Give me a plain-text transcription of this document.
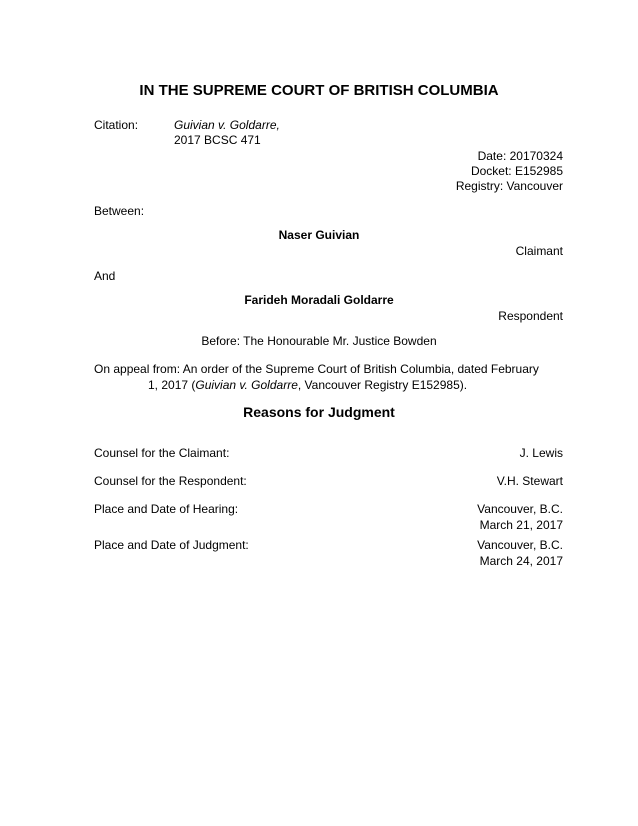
IN THE SUPREME COURT OF BRITISH COLUMBIA
Citation:	Guivian v. Goldarre,
2017 BCSC 471
Date: 20170324
Docket: E152985
Registry: Vancouver
Between:
Naser Guivian
Claimant
And
Farideh Moradali Goldarre
Respondent
Before: The Honourable Mr. Justice Bowden
On appeal from: An order of the Supreme Court of British Columbia, dated February
1, 2017 (Guivian v. Goldarre, Vancouver Registry E152985).
Reasons for Judgment
Counsel for the Claimant:	J. Lewis
Counsel for the Respondent:	V.H. Stewart
Place and Date of Hearing:	Vancouver, B.C.
March 21, 2017
Place and Date of Judgment:	Vancouver, B.C.
March 24, 2017
